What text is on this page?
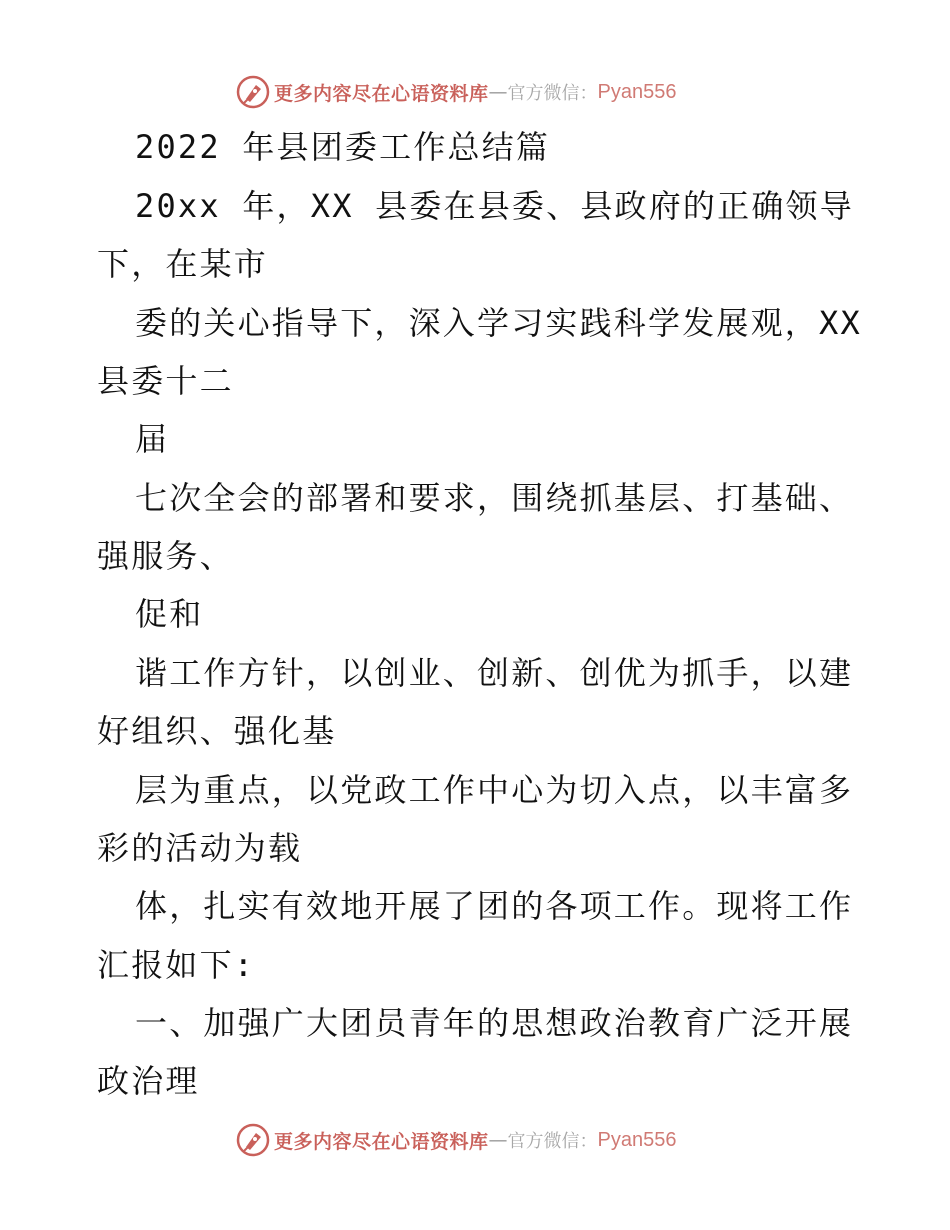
更多内容尽在心语资料库 — 官方微信： Pyan556
2022 年县团委工作总结篇
20xx 年，XX 县委在县委、县政府的正确领导
下，在某市
委的关心指导下，深入学习实践科学发展观，XX
县委十二
届
七次全会的部署和要求，围绕抓基层、打基础、
强服务、
促和
谐工作方针，以创业、创新、创优为抓手，以建
好组织、强化基
层为重点，以党政工作中心为切入点，以丰富多
彩的活动为载
体，扎实有效地开展了团的各项工作。现将工作
汇报如下:
一、加强广大团员青年的思想政治教育广泛开展
政治理
更多内容尽在心语资料库 — 官方微信： Pyan556
